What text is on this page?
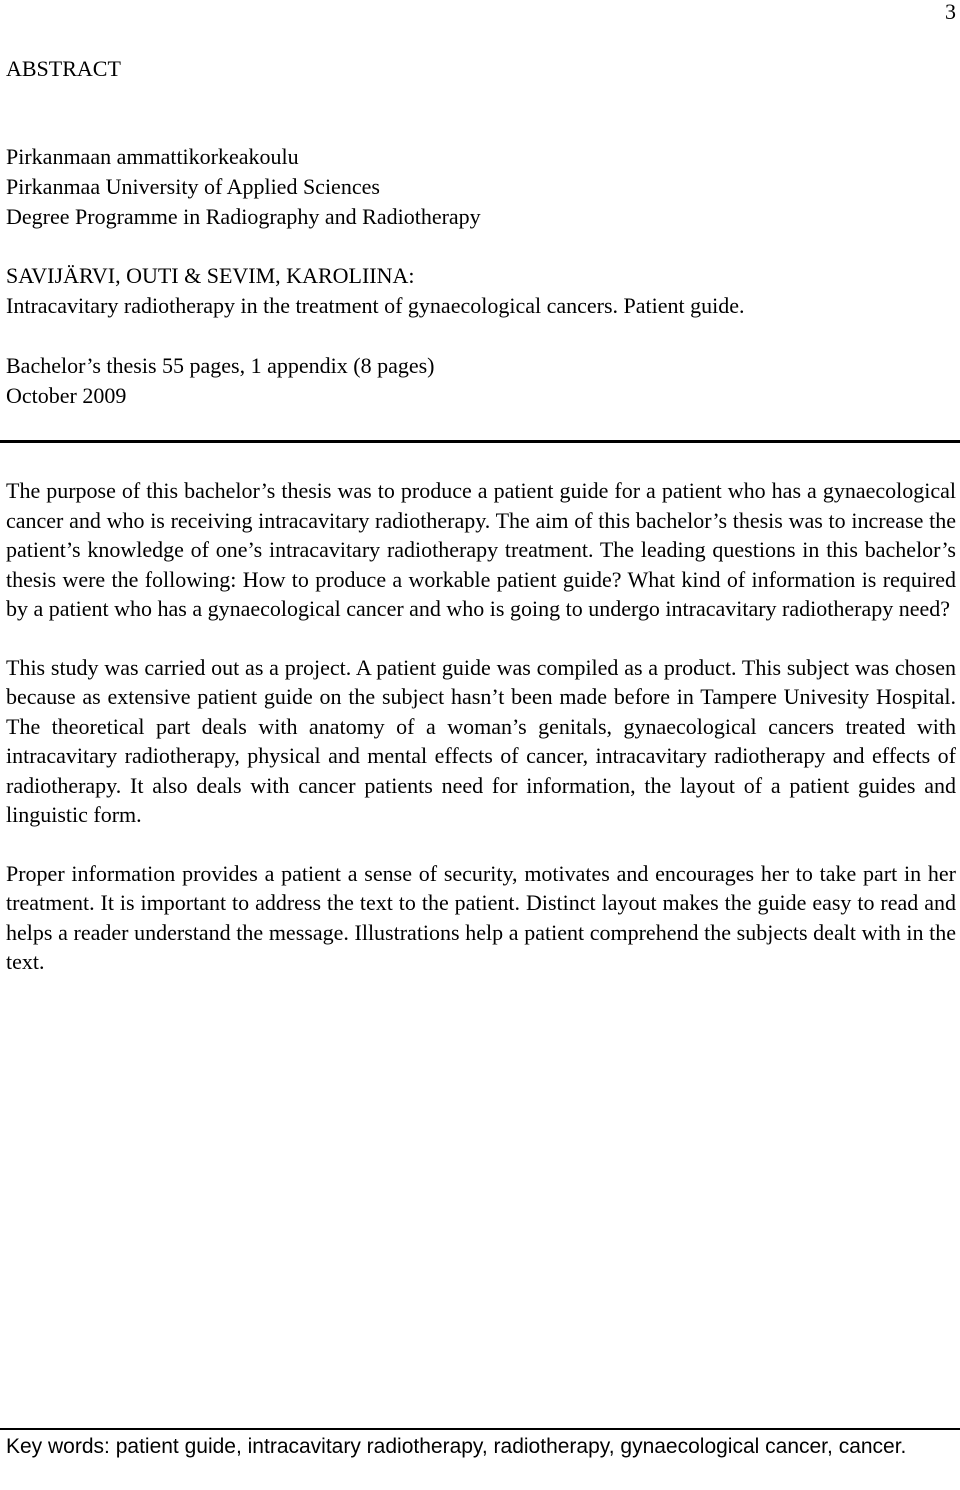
3
ABSTRACT
Pirkanmaan ammattikorkeakoulu
Pirkanmaa University of Applied Sciences
Degree Programme in Radiography and Radiotherapy
SAVIJÄRVI, OUTI & SEVIM, KAROLIINA:
Intracavitary radiotherapy in the treatment of gynaecological cancers. Patient guide.
Bachelor’s thesis 55 pages, 1 appendix (8 pages)
October 2009

The purpose of this bachelor’s thesis was to produce a patient guide for a patient who has a gynaecological cancer and who is receiving intracavitary radiotherapy. The aim of this bachelor’s thesis was to increase the patient’s knowledge of one’s intracavitary radiotherapy treatment. The leading questions in this bachelor’s thesis were the following: How to produce a workable patient guide? What kind of information is required by a patient who has a gynaecological cancer and who is going to undergo intracavitary radiotherapy need?

This study was carried out as a project. A patient guide was compiled as a product. This subject was chosen because as extensive patient guide on the subject hasn’t been made before in Tampere Univesity Hospital. The theoretical part deals with anatomy of a woman’s genitals, gynaecological cancers treated with intracavitary radiotherapy, physical and mental effects of cancer, intracavitary radiotherapy and effects of radiotherapy. It also deals with cancer patients need for information, the layout of a patient guides and linguistic form.

Proper information provides a patient a sense of security, motivates and encourages her to take part in her treatment. It is important to address the text to the patient. Distinct layout makes the guide easy to read and helps a reader understand the message. Illustrations help a patient comprehend the subjects dealt with in the text.

Key words: patient guide, intracavitary radiotherapy, radiotherapy, gynaecological cancer, cancer.
